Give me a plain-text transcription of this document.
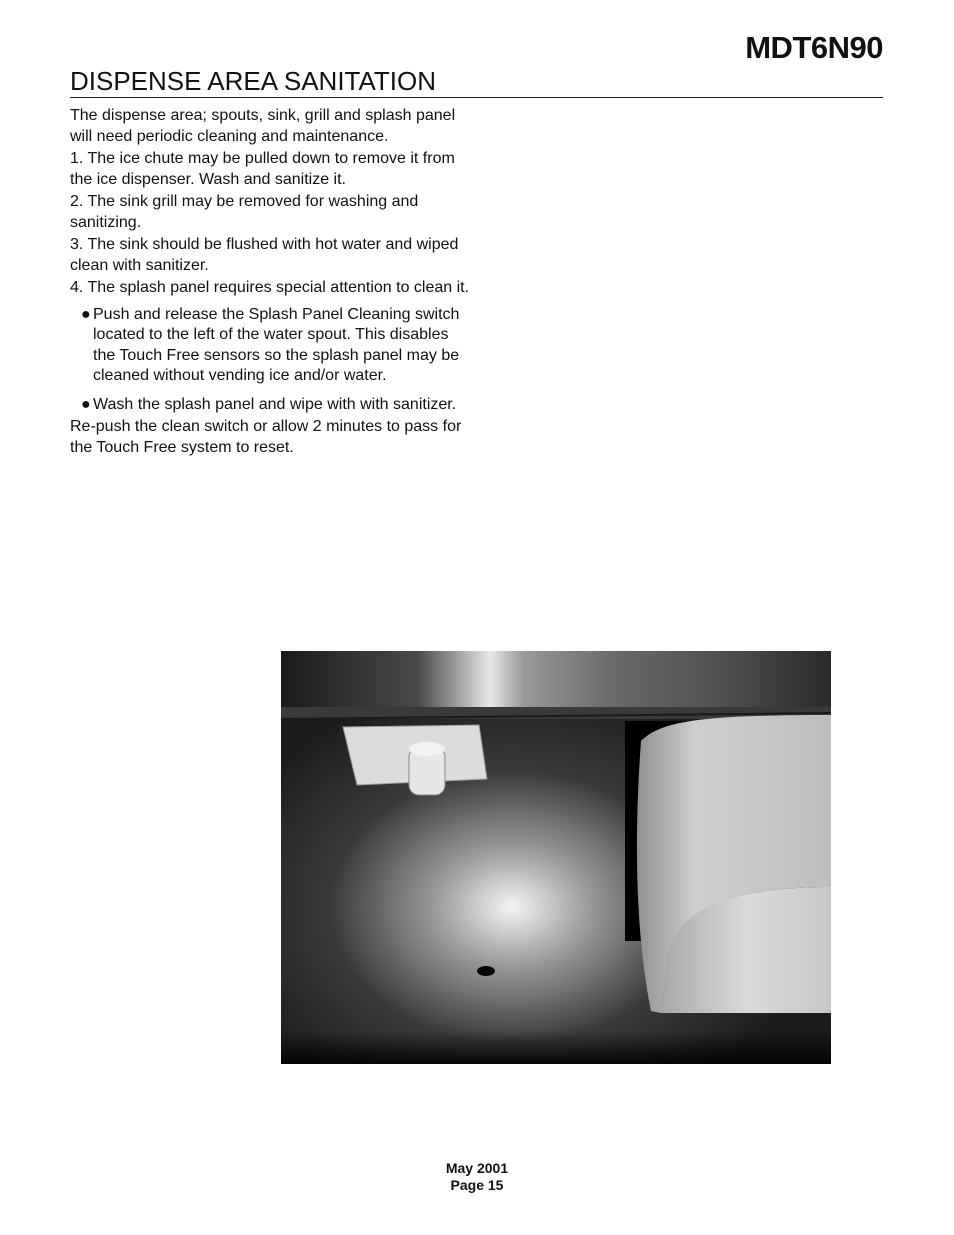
MDT6N90
DISPENSE AREA SANITATION

The dispense area; spouts, sink, grill and splash panel will need periodic cleaning and maintenance.

1. The ice chute may be pulled down to remove it from the ice dispenser. Wash and sanitize it.

2. The sink grill may be removed for washing and sanitizing.

3. The sink should be flushed with hot water and wiped clean with sanitizer.

4. The splash panel requires special attention to clean it.

● Push and release the Splash Panel Cleaning switch located to the left of the water spout. This disables the Touch Free sensors so the splash panel may be cleaned without vending ice and/or water.
● Wash the splash panel and wipe with with sanitizer.

Re-push the clean switch or allow 2 minutes to pass for the Touch Free system to reset.

May 2001
Page 15
